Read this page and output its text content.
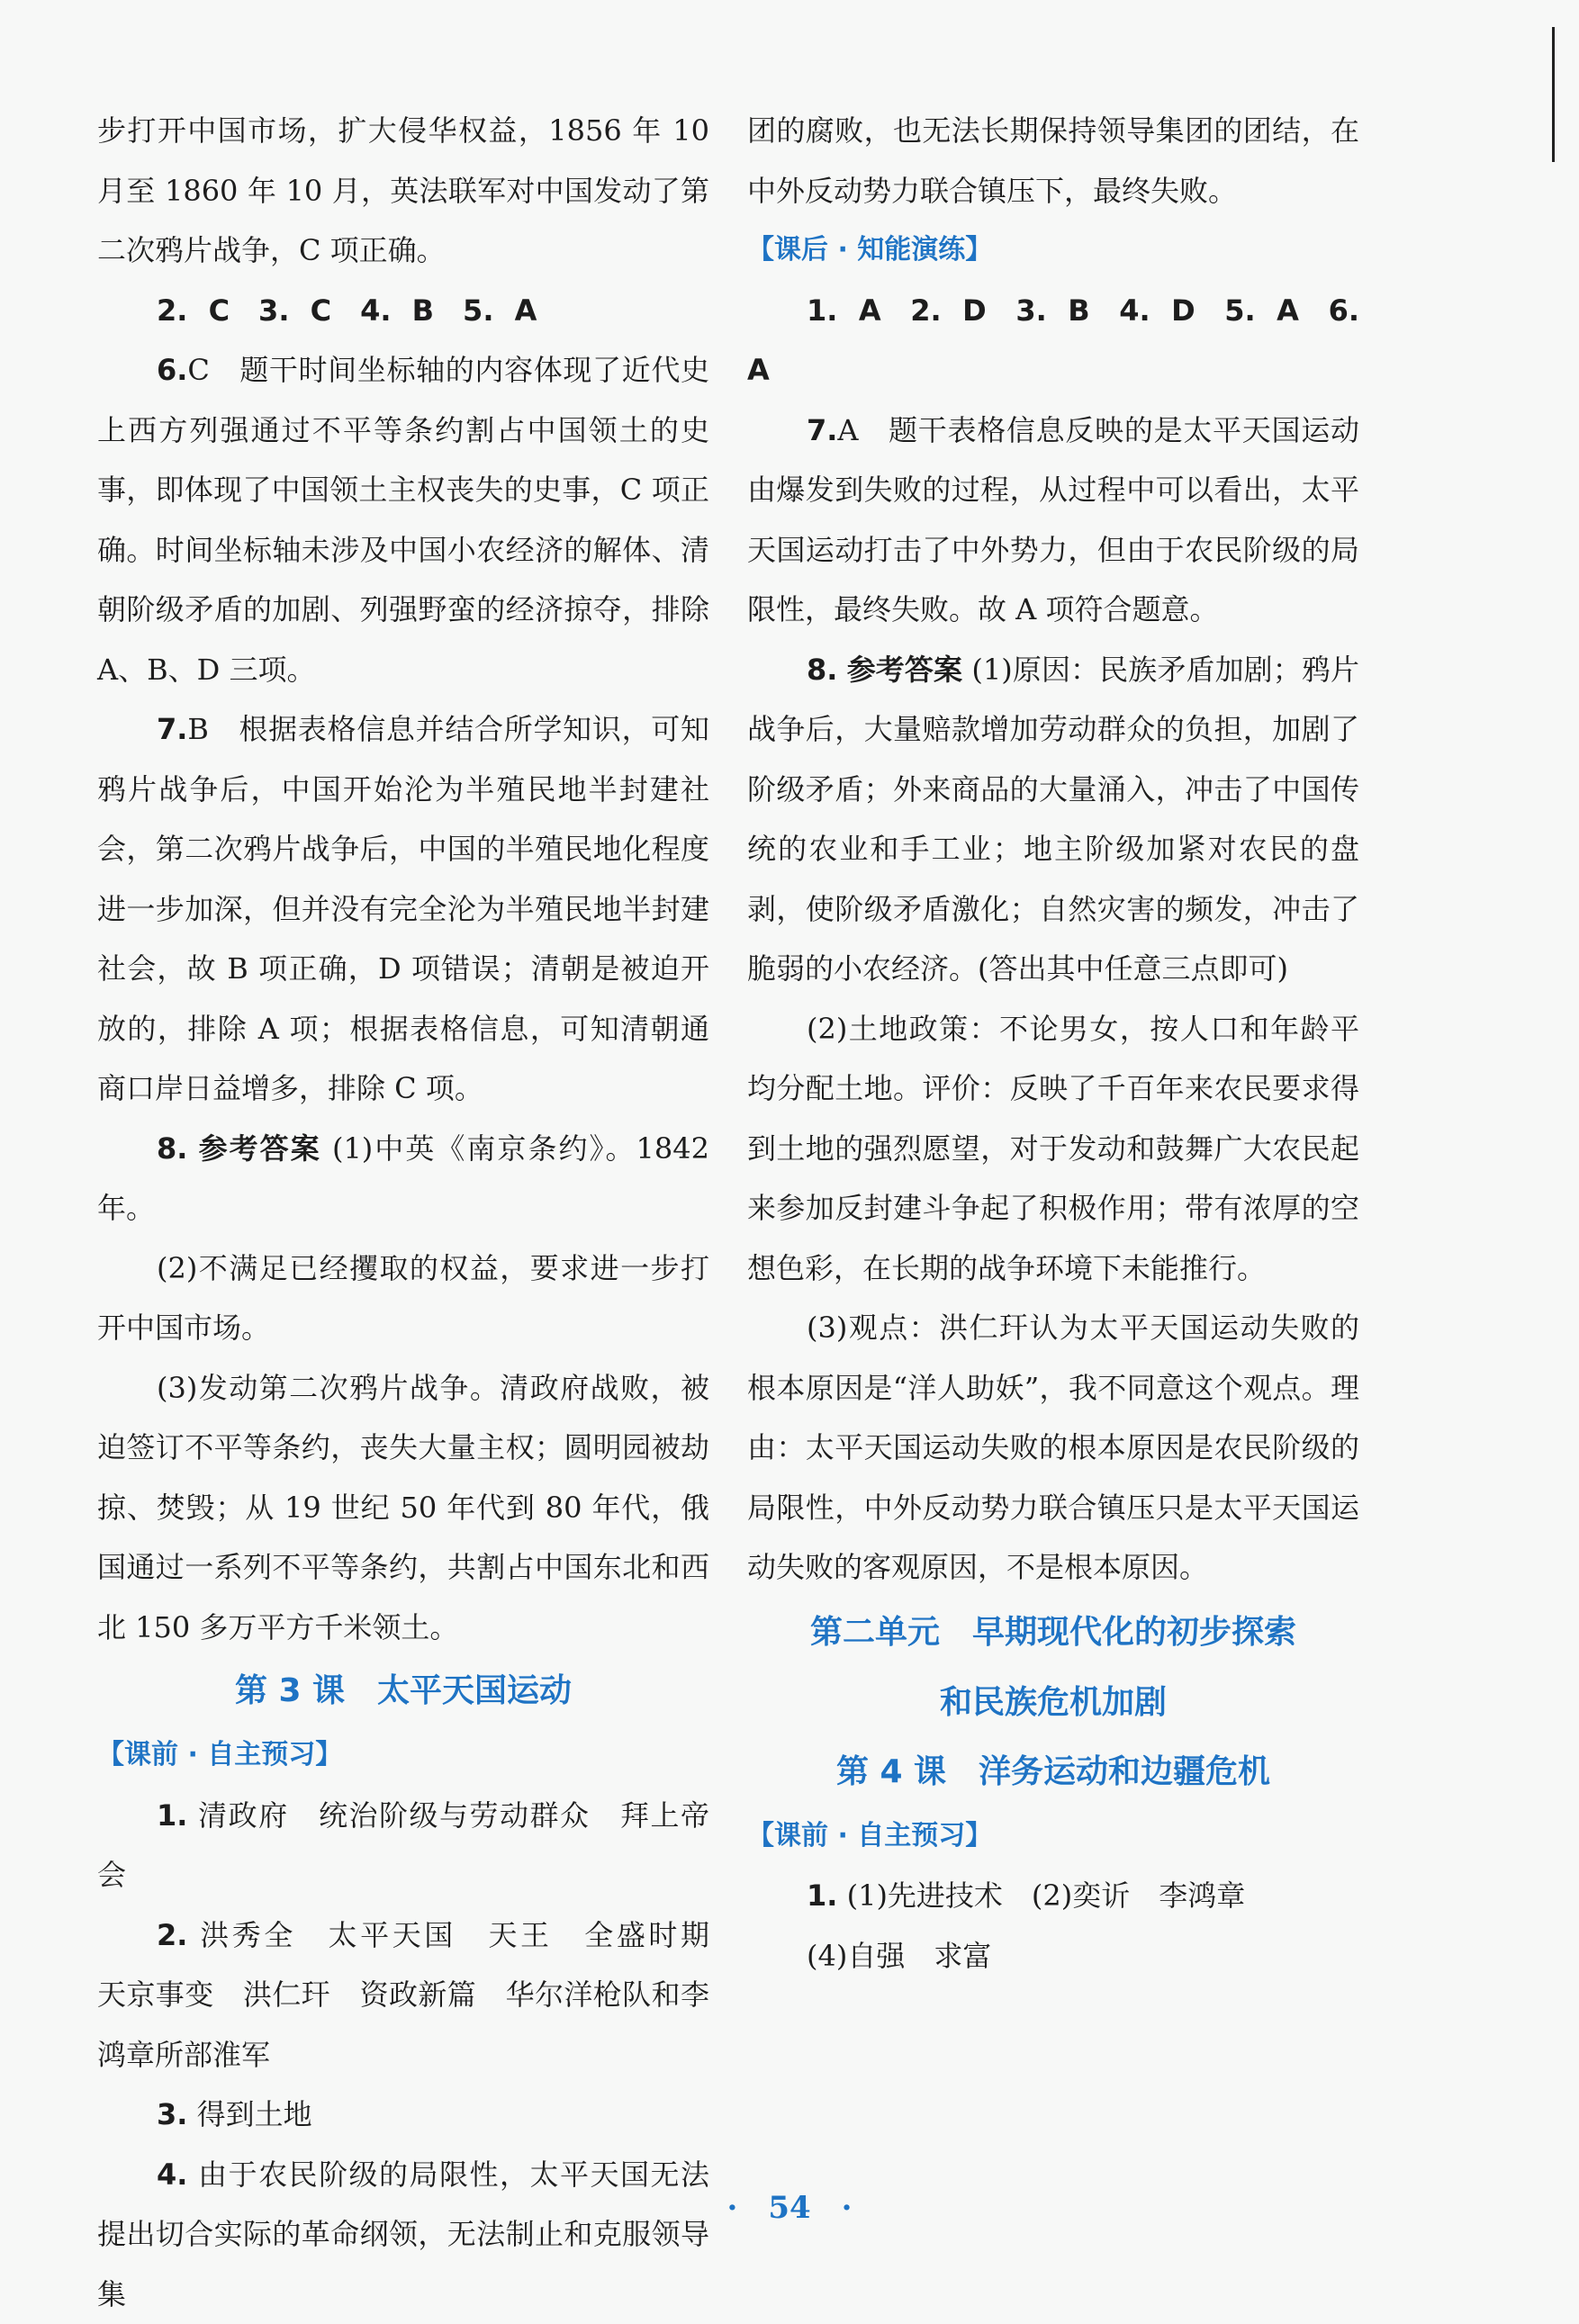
步打开中国市场，扩大侵华权益，1856 年 10 月至 1860 年 10 月，英法联军对中国发动了第二次鸦片战争，C 项正确。

2. C　3. C　4. B　5. A

6.C　题干时间坐标轴的内容体现了近代史上西方列强通过不平等条约割占中国领土的史事，即体现了中国领土主权丧失的史事，C 项正确。时间坐标轴未涉及中国小农经济的解体、清朝阶级矛盾的加剧、列强野蛮的经济掠夺，排除 A、B、D 三项。

7.B　根据表格信息并结合所学知识，可知鸦片战争后，中国开始沦为半殖民地半封建社会，第二次鸦片战争后，中国的半殖民地化程度进一步加深，但并没有完全沦为半殖民地半封建社会，故 B 项正确，D 项错误；清朝是被迫开放的，排除 A 项；根据表格信息，可知清朝通商口岸日益增多，排除 C 项。

8. 参考答案 (1)中英《南京条约》。1842 年。

(2)不满足已经攫取的权益，要求进一步打开中国市场。

(3)发动第二次鸦片战争。清政府战败，被迫签订不平等条约，丧失大量主权；圆明园被劫掠、焚毁；从 19 世纪 50 年代到 80 年代，俄国通过一系列不平等条约，共割占中国东北和西北 150 多万平方千米领土。

第 3 课　太平天国运动

【课前 · 自主预习】

1. 清政府　统治阶级与劳动群众　拜上帝会

2. 洪秀全　太平天国　天王　全盛时期　天京事变　洪仁玕　资政新篇　华尔洋枪队和李鸿章所部淮军

3. 得到土地

4. 由于农民阶级的局限性，太平天国无法提出切合实际的革命纲领，无法制止和克服领导集

团的腐败，也无法长期保持领导集团的团结，在中外反动势力联合镇压下，最终失败。

【课后 · 知能演练】

1. A　2. D　3. B　4. D　5. A　6. A

7.A　题干表格信息反映的是太平天国运动由爆发到失败的过程，从过程中可以看出，太平天国运动打击了中外势力，但由于农民阶级的局限性，最终失败。故 A 项符合题意。

8. 参考答案 (1)原因：民族矛盾加剧；鸦片战争后，大量赔款增加劳动群众的负担，加剧了阶级矛盾；外来商品的大量涌入，冲击了中国传统的农业和手工业；地主阶级加紧对农民的盘剥，使阶级矛盾激化；自然灾害的频发，冲击了脆弱的小农经济。(答出其中任意三点即可)

(2)土地政策：不论男女，按人口和年龄平均分配土地。评价：反映了千百年来农民要求得到土地的强烈愿望，对于发动和鼓舞广大农民起来参加反封建斗争起了积极作用；带有浓厚的空想色彩，在长期的战争环境下未能推行。

(3)观点：洪仁玕认为太平天国运动失败的根本原因是“洋人助妖”，我不同意这个观点。理由：太平天国运动失败的根本原因是农民阶级的局限性，中外反动势力联合镇压只是太平天国运动失败的客观原因，不是根本原因。

第二单元　早期现代化的初步探索

和民族危机加剧

第 4 课　洋务运动和边疆危机

【课前 · 自主预习】

1. (1)先进技术　(2)奕䜣　李鸿章

(4)自强　求富

·　54　·
